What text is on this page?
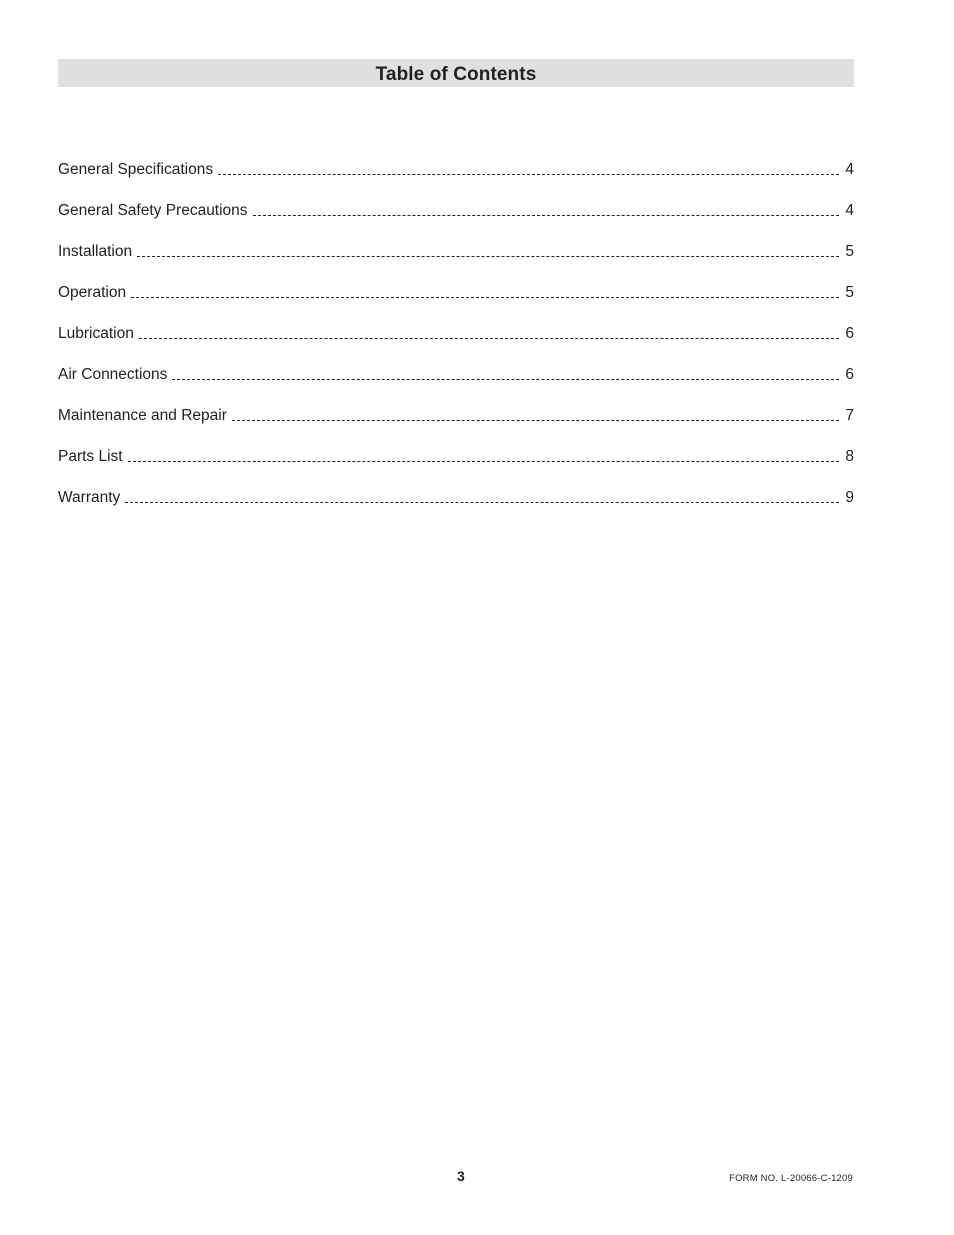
Table of Contents
General Specifications	4
General Safety Precautions	4
Installation	5
Operation	5
Lubrication	6
Air Connections	6
Maintenance and Repair	7
Parts List	8
Warranty	9
3	FORM NO. L-20066-C-1209
